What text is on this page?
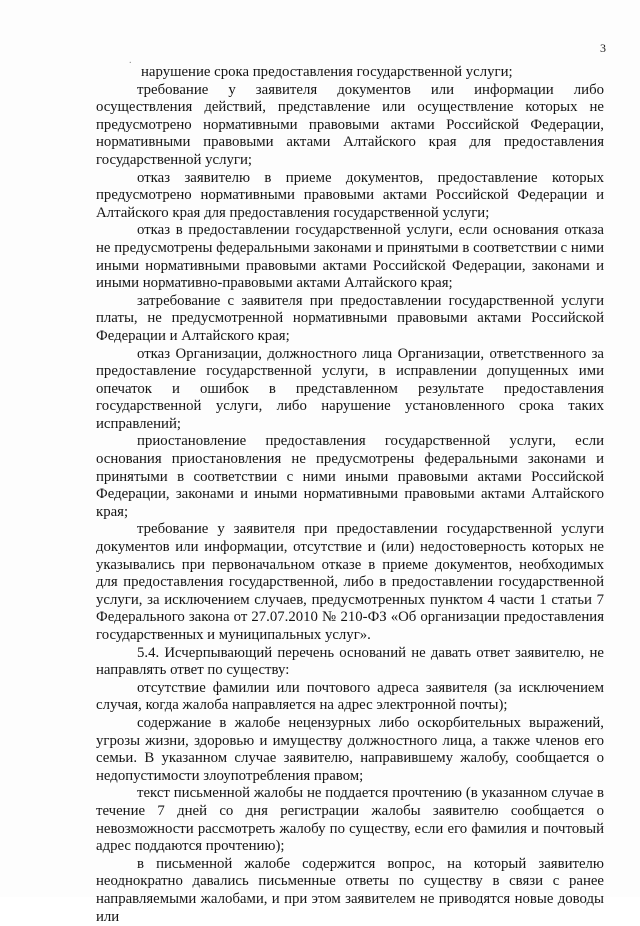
3
.

нарушение срока предоставления государственной услуги;

требование у заявителя документов или информации либо осуществления действий, представление или осуществление которых не предусмотрено нормативными правовыми актами Российской Федерации, нормативными правовыми актами Алтайского края для предоставления государственной услуги;

отказ заявителю в приеме документов, предоставление которых предусмотрено нормативными правовыми актами Российской Федерации и Алтайского края для предоставления государственной услуги;

отказ в предоставлении государственной услуги, если основания отказа не предусмотрены федеральными законами и принятыми в соответствии с ними иными нормативными правовыми актами Российской Федерации, законами и иными нормативно-правовыми актами Алтайского края;

затребование с заявителя при предоставлении государственной услуги платы, не предусмотренной нормативными правовыми актами Российской Федерации и Алтайского края;

отказ Организации, должностного лица Организации, ответственного за предоставление государственной услуги, в исправлении допущенных ими опечаток и ошибок в представленном результате предоставления государственной услуги, либо нарушение установленного срока таких исправлений;

приостановление предоставления государственной услуги, если основания приостановления не предусмотрены федеральными законами и принятыми в соответствии с ними иными правовыми актами Российской Федерации, законами и иными нормативными правовыми актами Алтайского края;

требование у заявителя при предоставлении государственной услуги документов или информации, отсутствие и (или) недостоверность которых не указывались при первоначальном отказе в приеме документов, необходимых для предоставления государственной, либо в предоставлении государственной услуги, за исключением случаев, предусмотренных пунктом 4 части 1 статьи 7 Федерального закона от 27.07.2010 № 210-ФЗ «Об организации предоставления государственных и муниципальных услуг».

5.4. Исчерпывающий перечень оснований не давать ответ заявителю, не направлять ответ по существу:

отсутствие фамилии или почтового адреса заявителя (за исключением случая, когда жалоба направляется на адрес электронной почты);

содержание в жалобе нецензурных либо оскорбительных выражений, угрозы жизни, здоровью и имуществу должностного лица, а также членов его семьи. В указанном случае заявителю, направившему жалобу, сообщается о недопустимости злоупотребления правом;

текст письменной жалобы не поддается прочтению (в указанном случае в течение 7 дней со дня регистрации жалобы заявителю сообщается о невозможности рассмотреть жалобу по существу, если его фамилия и почтовый адрес поддаются прочтению);

в письменной жалобе содержится вопрос, на который заявителю неоднократно давались письменные ответы по существу в связи с ранее направляемыми жалобами, и при этом заявителем не приводятся новые доводы или
